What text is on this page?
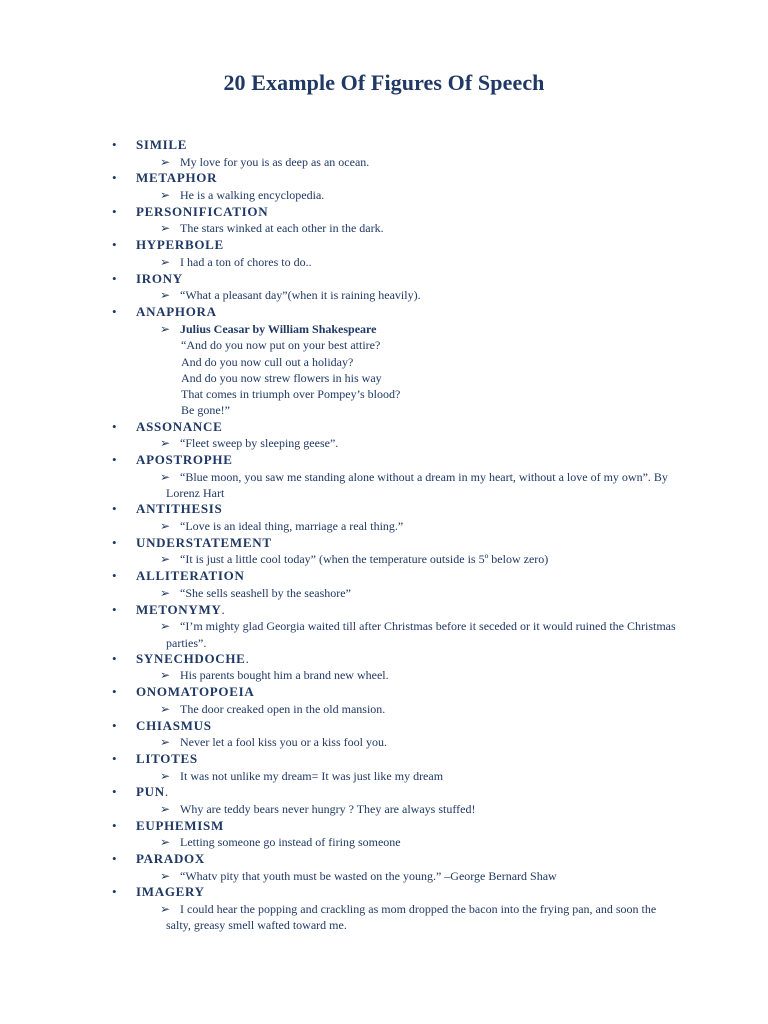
20 Example Of Figures Of Speech
• SIMILE
➢ My love for you is as deep as an ocean.
• METAPHOR
➢ He is a walking encyclopedia.
• PERSONIFICATION
➢ The stars winked at each other in the dark.
• HYPERBOLE
➢ I had a ton of chores to do..
• IRONY
➢ “What a pleasant day”(when it is raining heavily).
• ANAPHORA
➢ Julius Ceasar by William Shakespeare
“And do you now put on your best attire?
And do you now cull out a holiday?
And do you now strew flowers in his way
That comes in triumph over Pompey’s blood?
Be gone!”
• ASSONANCE
➢ “Fleet sweep by sleeping geese”.
• APOSTROPHE
➢ “Blue moon, you saw me standing alone without a dream in my heart, without a love of my own”. By Lorenz Hart
• ANTITHESIS
➢ “Love is an ideal thing, marriage a real thing.”
• UNDERSTATEMENT
➢ “It is just a little cool today” (when the temperature outside is 5º below zero)
• ALLITERATION
➢ “She sells seashell by the seashore”
• METONYMY.
➢ “I’m mighty glad Georgia waited till after Christmas before it seceded or it would ruined the Christmas parties”.
• SYNECHDOCHE.
➢ His parents bought him a brand new wheel.
• ONOMATOPOEIA
➢ The door creaked open in the old mansion.
• CHIASMUS
➢ Never let a fool kiss you or a kiss fool you.
• LITOTES
➢ It was not unlike my dream= It was just like my dream
• PUN.
➢ Why are teddy bears never hungry ? They are always stuffed!
• EUPHEMISM
➢ Letting someone go instead of firing someone
• PARADOX
➢ “Whatv pity that youth must be wasted on the young.” –George Bernard Shaw
• IMAGERY
➢ I could hear the popping and crackling as mom dropped the bacon into the frying pan, and soon the salty, greasy smell wafted toward me.
